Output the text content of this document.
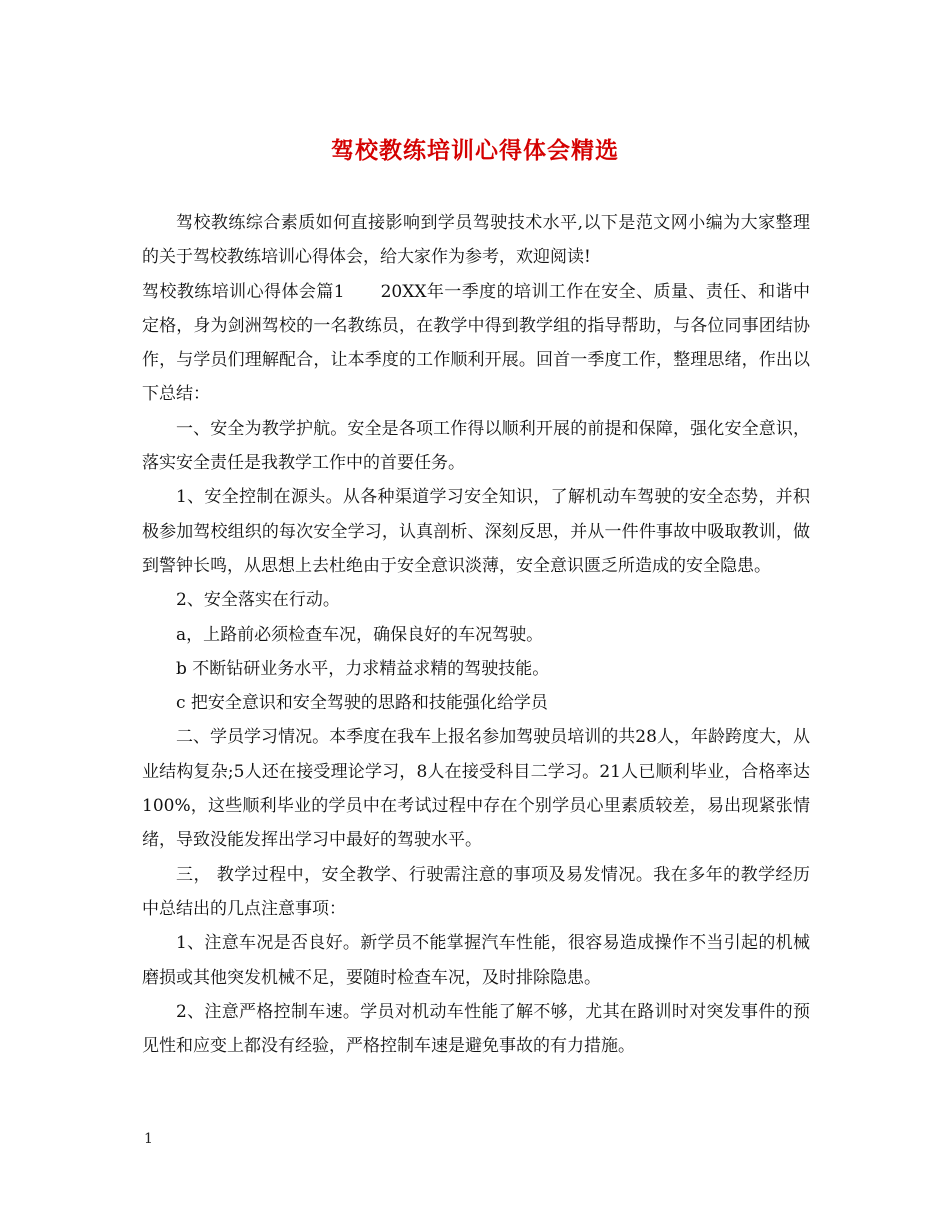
驾校教练培训心得体会精选

驾校教练综合素质如何直接影响到学员驾驶技术水平,以下是范文网小编为大家整理的关于驾校教练培训心得体会，给大家作为参考，欢迎阅读!

驾校教练培训心得体会篇1 20XX年一季度的培训工作在安全、质量、责任、和谐中定格，身为剑洲驾校的一名教练员，在教学中得到教学组的指导帮助，与各位同事团结协作，与学员们理解配合，让本季度的工作顺利开展。回首一季度工作，整理思绪，作出以下总结：

一、安全为教学护航。安全是各项工作得以顺利开展的前提和保障，强化安全意识，落实安全责任是我教学工作中的首要任务。

1、安全控制在源头。从各种渠道学习安全知识，了解机动车驾驶的安全态势，并积极参加驾校组织的每次安全学习，认真剖析、深刻反思，并从一件件事故中吸取教训，做到警钟长鸣，从思想上去杜绝由于安全意识淡薄，安全意识匮乏所造成的安全隐患。

2、安全落实在行动。

a，上路前必须检查车况，确保良好的车况驾驶。

b 不断钻研业务水平，力求精益求精的驾驶技能。

c 把安全意识和安全驾驶的思路和技能强化给学员

二、学员学习情况。本季度在我车上报名参加驾驶员培训的共28人，年龄跨度大，从业结构复杂;5人还在接受理论学习，8人在接受科目二学习。21人已顺利毕业，合格率达100%，这些顺利毕业的学员中在考试过程中存在个别学员心里素质较差，易出现紧张情绪，导致没能发挥出学习中最好的驾驶水平。

三， 教学过程中，安全教学、行驶需注意的事项及易发情况。我在多年的教学经历中总结出的几点注意事项：

1、注意车况是否良好。新学员不能掌握汽车性能，很容易造成操作不当引起的机械磨损或其他突发机械不足，要随时检查车况，及时排除隐患。

2、注意严格控制车速。学员对机动车性能了解不够，尤其在路训时对突发事件的预见性和应变上都没有经验，严格控制车速是避免事故的有力措施。

1
